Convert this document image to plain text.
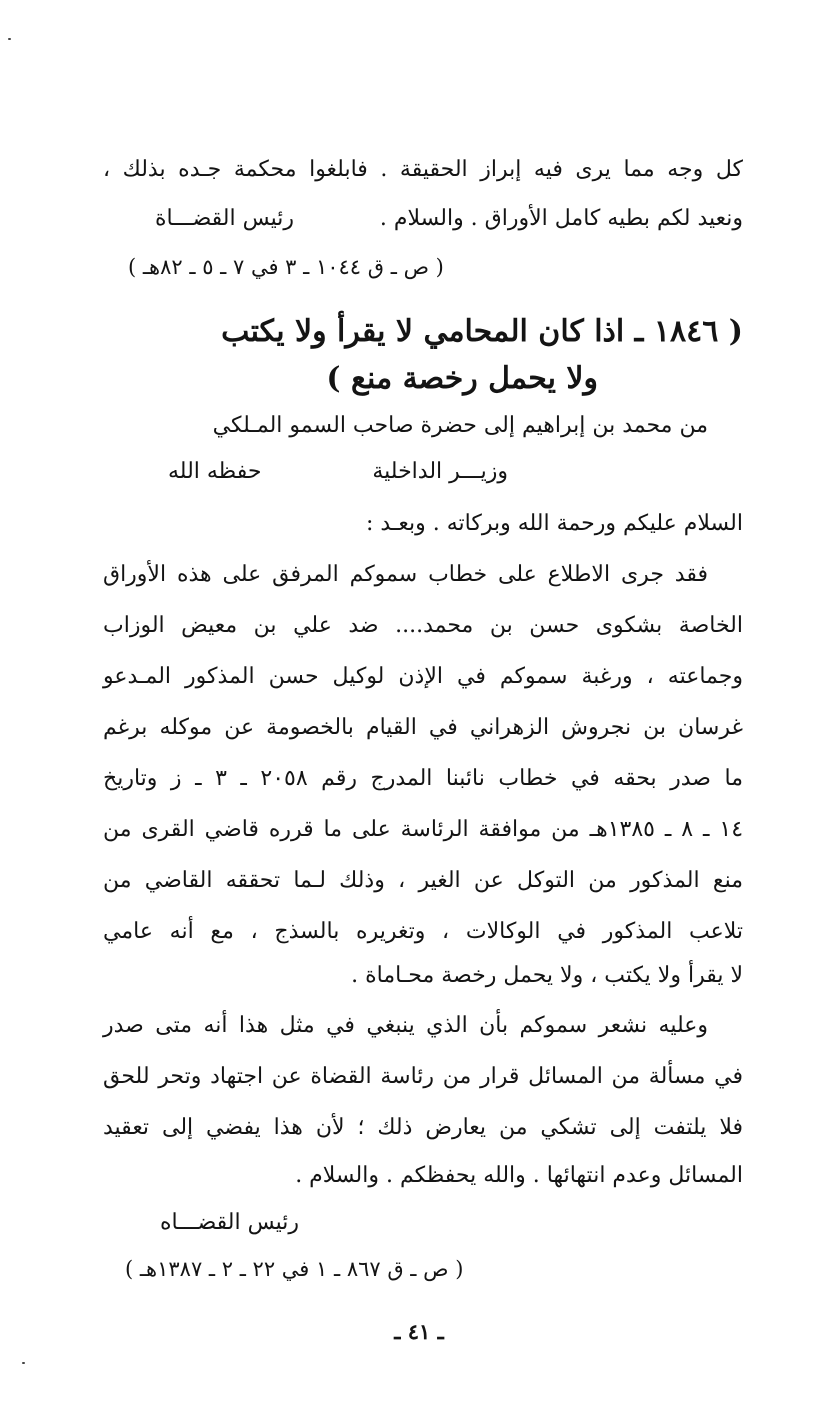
كل وجه مما يرى فيه إبراز الحقيقة . فابلغوا محكمة جـده بذلك ،
ونعيد لكم بطيه كامل الأوراق . والسلام .
رئيس القضـــاة
( ص ـ ق ١٠٤٤ ـ ٣ في ٧ ـ ٥ ـ ٨٢هـ )
( ١٨٤٦ ـ اذا كان المحامي لا يقرأ ولا يكتب
ولا يحمل رخصة منع )
من محمد بن إبراهيم إلى حضرة صاحب السمو المـلكي
وزيـــر الداخلية
حفظه الله
السلام عليكم ورحمة الله وبركاته . وبعـد :
فقد جرى الاطلاع على خطاب سموكم المرفق على هذه الأوراق
الخاصة بشكوى حسن بن محمد.... ضد علي بن معيض الوزاب
وجماعته ، ورغبة سموكم في الإذن لوكيل حسن المذكور المـدعو
غرسان بن نجروش الزهراني في القيام بالخصومة عن موكله برغم
ما صدر بحقه في خطاب نائبنا المدرج رقم ٢٠٥٨ ـ ٣ ـ ز وتاريخ
١٤ ـ ٨ ـ ١٣٨٥هـ من موافقة الرئاسة على ما قرره قاضي القرى من
منع المذكور من التوكل عن الغير ، وذلك لـما تحققه القاضي من
تلاعب المذكور في الوكالات ، وتغريره بالسذج ، مع أنه عامي
لا يقرأ ولا يكتب ، ولا يحمل رخصة محـاماة .
وعليه نشعر سموكم بأن الذي ينبغي في مثل هذا أنه متى صدر
في مسألة من المسائل قرار من رئاسة القضاة عن اجتهاد وتحر للحق
فلا يلتفت إلى تشكي من يعارض ذلك ؛ لأن هذا يفضي إلى تعقيد
المسائل وعدم انتهائها . والله يحفظكم . والسلام .
رئيس القضـــاه
( ص ـ ق ٨٦٧ ـ ١ في ٢٢ ـ ٢ ـ ١٣٨٧هـ )
ـ ٤١ ـ
